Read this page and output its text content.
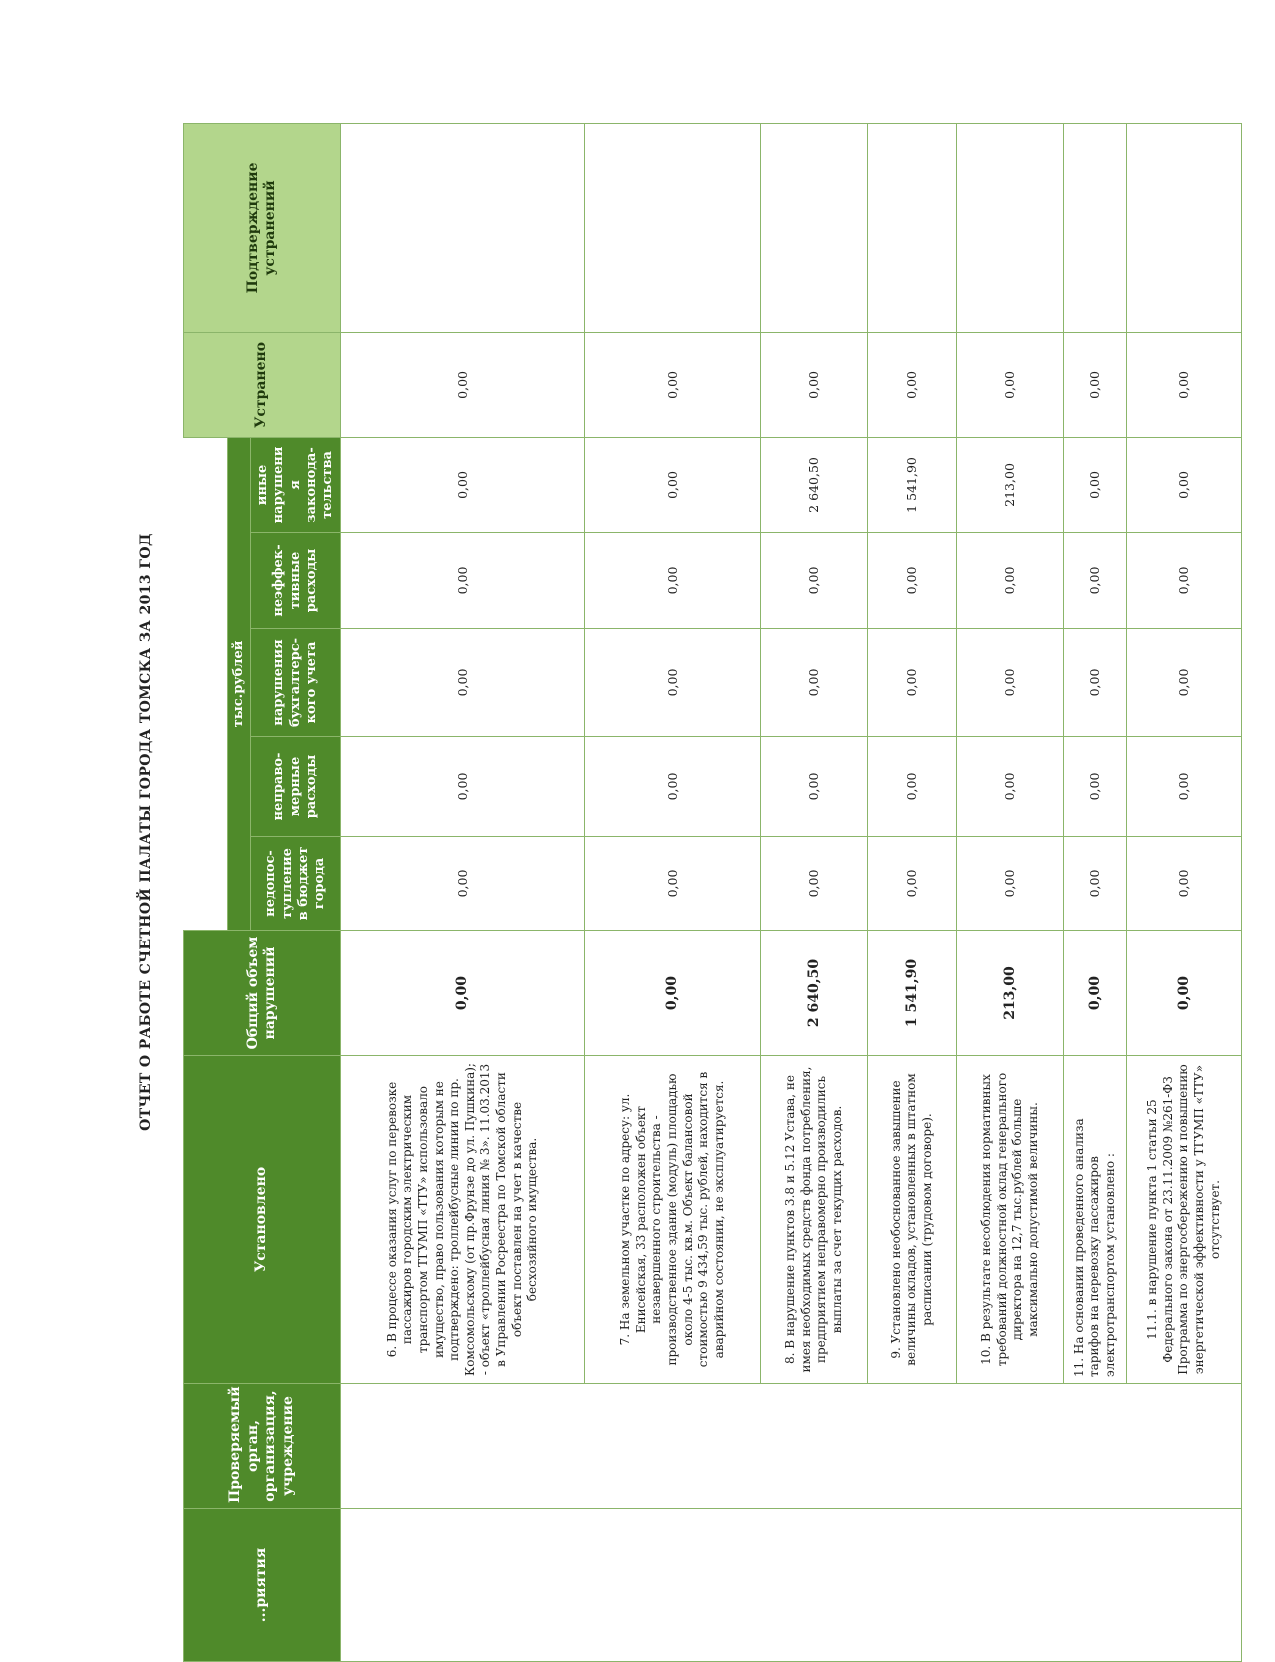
ОТЧЕТ О РАБОТЕ СЧЕТНОЙ ПАЛАТЫ ГОРОДА ТОМСКА ЗА 2013 ГОД
...риятия	Проверяемый орган, организация, учреждение	Установлено	Общий объем нарушений						Устранено	Подтверждение устранений
				тыс.рублей						
				недопос-тупление в бюджет города	неправо-мерные расходы	нарушения бухгалтерс-кого учета	неэффек-тивные расходы	иные нарушени я законода-тельства		
		6. В процессе оказания услуг по перевозке пассажиров городским электрическим транспортом ТГУМП «ТТУ» использовало имущество, право пользования которым не подтверждено: троллейбусные линии по пр. Комсомольскому (от пр.Фрунзе до ул. Пушкина); - объект «троллейбусная линия № 3». 11.03.2013 в Управлении Росреестра по Томской области объект поставлен на учет в качестве бесхозяйного имущества.	0,00	0,00	0,00	0,00	0,00	0,00	0,00	
		7. На земельном участке по адресу: ул. Енисейская, 33 расположен объект незавершенного строительства - производственное здание (модуль) площадью около 4-5 тыс. кв.м. Объект балансовой стоимостью 9 434,59 тыс. рублей, находится в аварийном состоянии, не эксплуатируется.	0,00	0,00	0,00	0,00	0,00	0,00	0,00	
		8. В нарушение пунктов 3.8 и 5.12 Устава, не имея необходимых средств фонда потребления, предприятием неправомерно производились выплаты за счет текущих расходов.	2 640,50	0,00	0,00	0,00	0,00	2 640,50	0,00	
		9. Установлено необоснованное завышение величины окладов, установленных в штатном расписании (трудовом договоре).	1 541,90	0,00	0,00	0,00	0,00	1 541,90	0,00	
		10. В результате несоблюдения нормативных требований должностной оклад генерального директора на 12,7 тыс.рублей больше максимально допустимой величины.	213,00	0,00	0,00	0,00	0,00	213,00	0,00	
		11. На основании проведенного анализа тарифов на перевозку пассажиров электротранспортом установлено :	0,00	0,00	0,00	0,00	0,00	0,00	0,00	
		11.1. в нарушение пункта 1 статьи 25 Федерального закона от 23.11.2009 №261-ФЗ Программа по энергосбережению и повышению энергетической эффективности у ТГУМП «ТТУ» отсутствует.	0,00	0,00	0,00	0,00	0,00	0,00	0,00	
